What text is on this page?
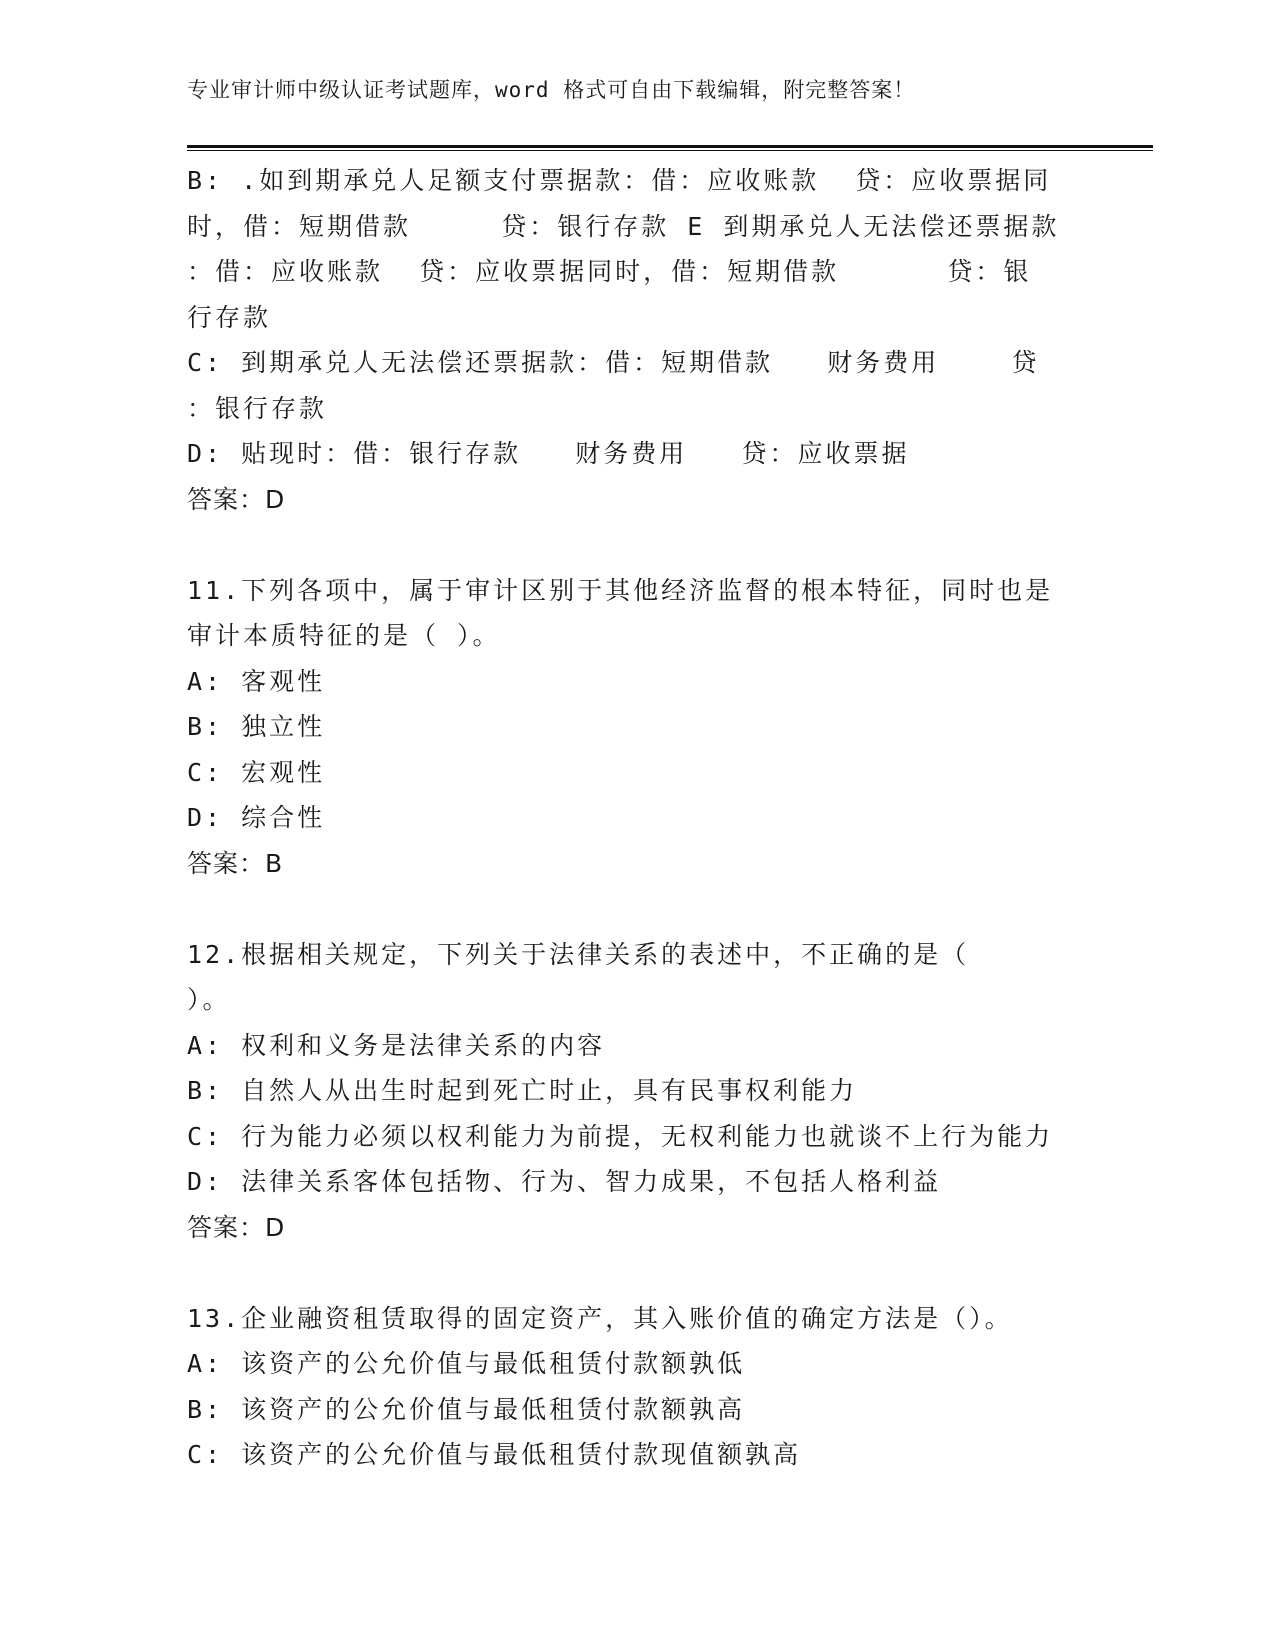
专业审计师中级认证考试题库，word 格式可自由下载编辑，附完整答案！
B: .如到期承兑人足额支付票据款：借：应收账款  贷：应收票据同
时，借：短期借款     贷：银行存款 E 到期承兑人无法偿还票据款
：借：应收账款  贷：应收票据同时，借：短期借款      贷：银
行存款
C: 到期承兑人无法偿还票据款：借：短期借款   财务费用    贷
：银行存款
D: 贴现时：借：银行存款   财务费用   贷：应收票据
答案：D
11.下列各项中，属于审计区别于其他经济监督的根本特征，同时也是
审计本质特征的是（ ）。
A: 客观性
B: 独立性
C: 宏观性
D: 综合性
答案：B
12.根据相关规定，下列关于法律关系的表述中，不正确的是（
）。
A: 权利和义务是法律关系的内容
B: 自然人从出生时起到死亡时止，具有民事权利能力
C: 行为能力必须以权利能力为前提，无权利能力也就谈不上行为能力
D: 法律关系客体包括物、行为、智力成果，不包括人格利益
答案：D
13.企业融资租赁取得的固定资产，其入账价值的确定方法是（）。
A: 该资产的公允价值与最低租赁付款额孰低
B: 该资产的公允价值与最低租赁付款额孰高
C: 该资产的公允价值与最低租赁付款现值额孰高
